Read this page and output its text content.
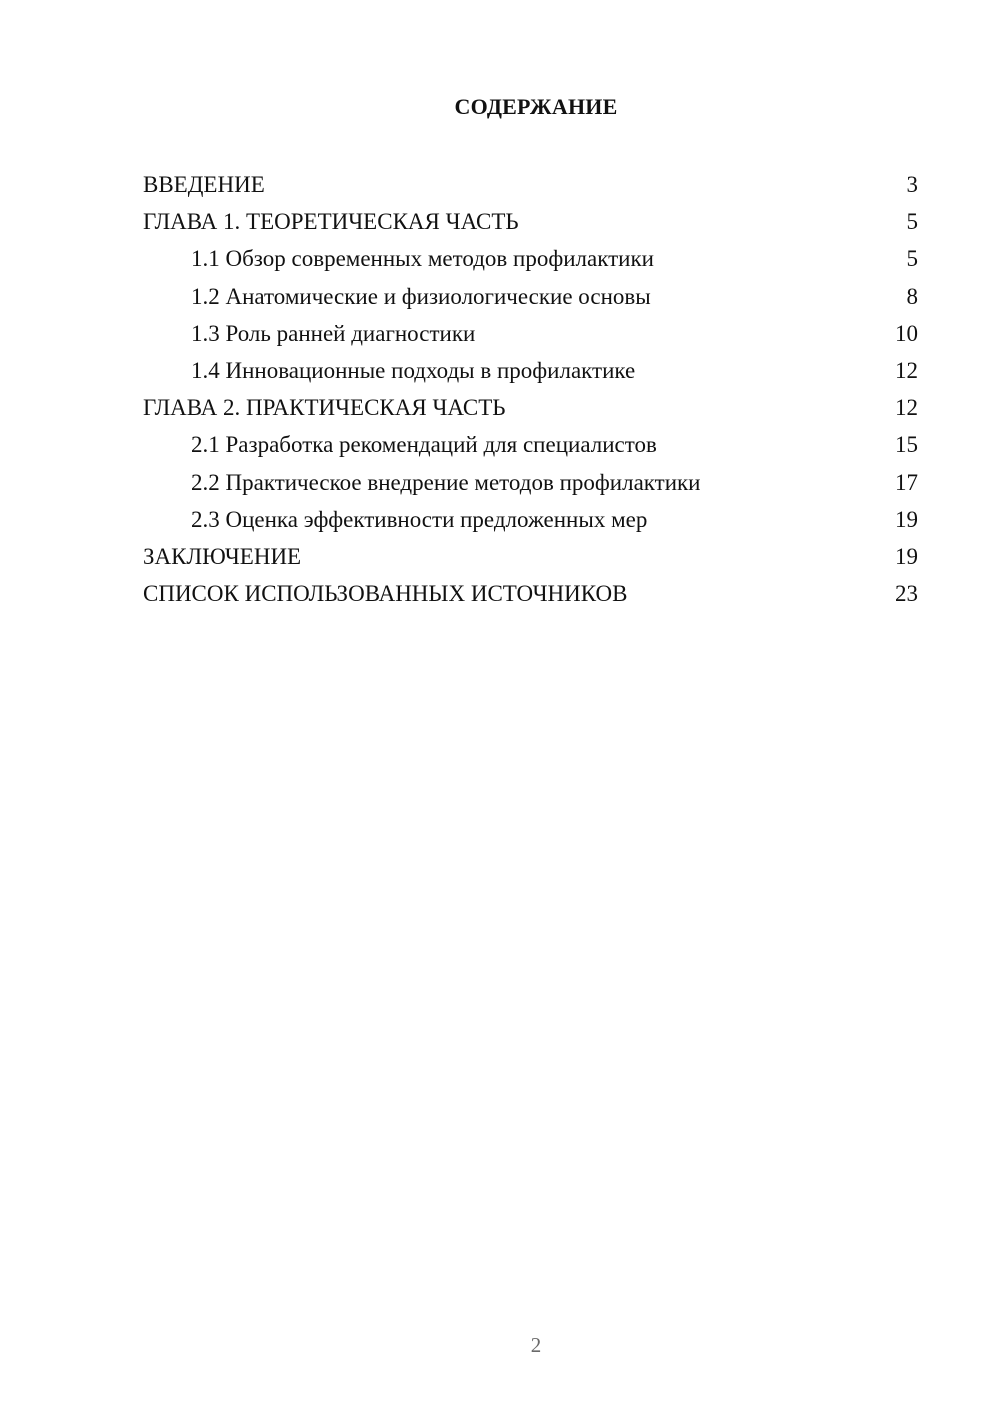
СОДЕРЖАНИЕ
ВВЕДЕНИЕ	3
ГЛАВА 1. ТЕОРЕТИЧЕСКАЯ ЧАСТЬ	5
1.1 Обзор современных методов профилактики	5
1.2 Анатомические и физиологические основы	8
1.3 Роль ранней диагностики	10
1.4 Инновационные подходы в профилактике	12
ГЛАВА 2. ПРАКТИЧЕСКАЯ ЧАСТЬ	12
2.1 Разработка рекомендаций для специалистов	15
2.2 Практическое внедрение методов профилактики	17
2.3 Оценка эффективности предложенных мер	19
ЗАКЛЮЧЕНИЕ	19
СПИСОК ИСПОЛЬЗОВАННЫХ ИСТОЧНИКОВ	23
2
